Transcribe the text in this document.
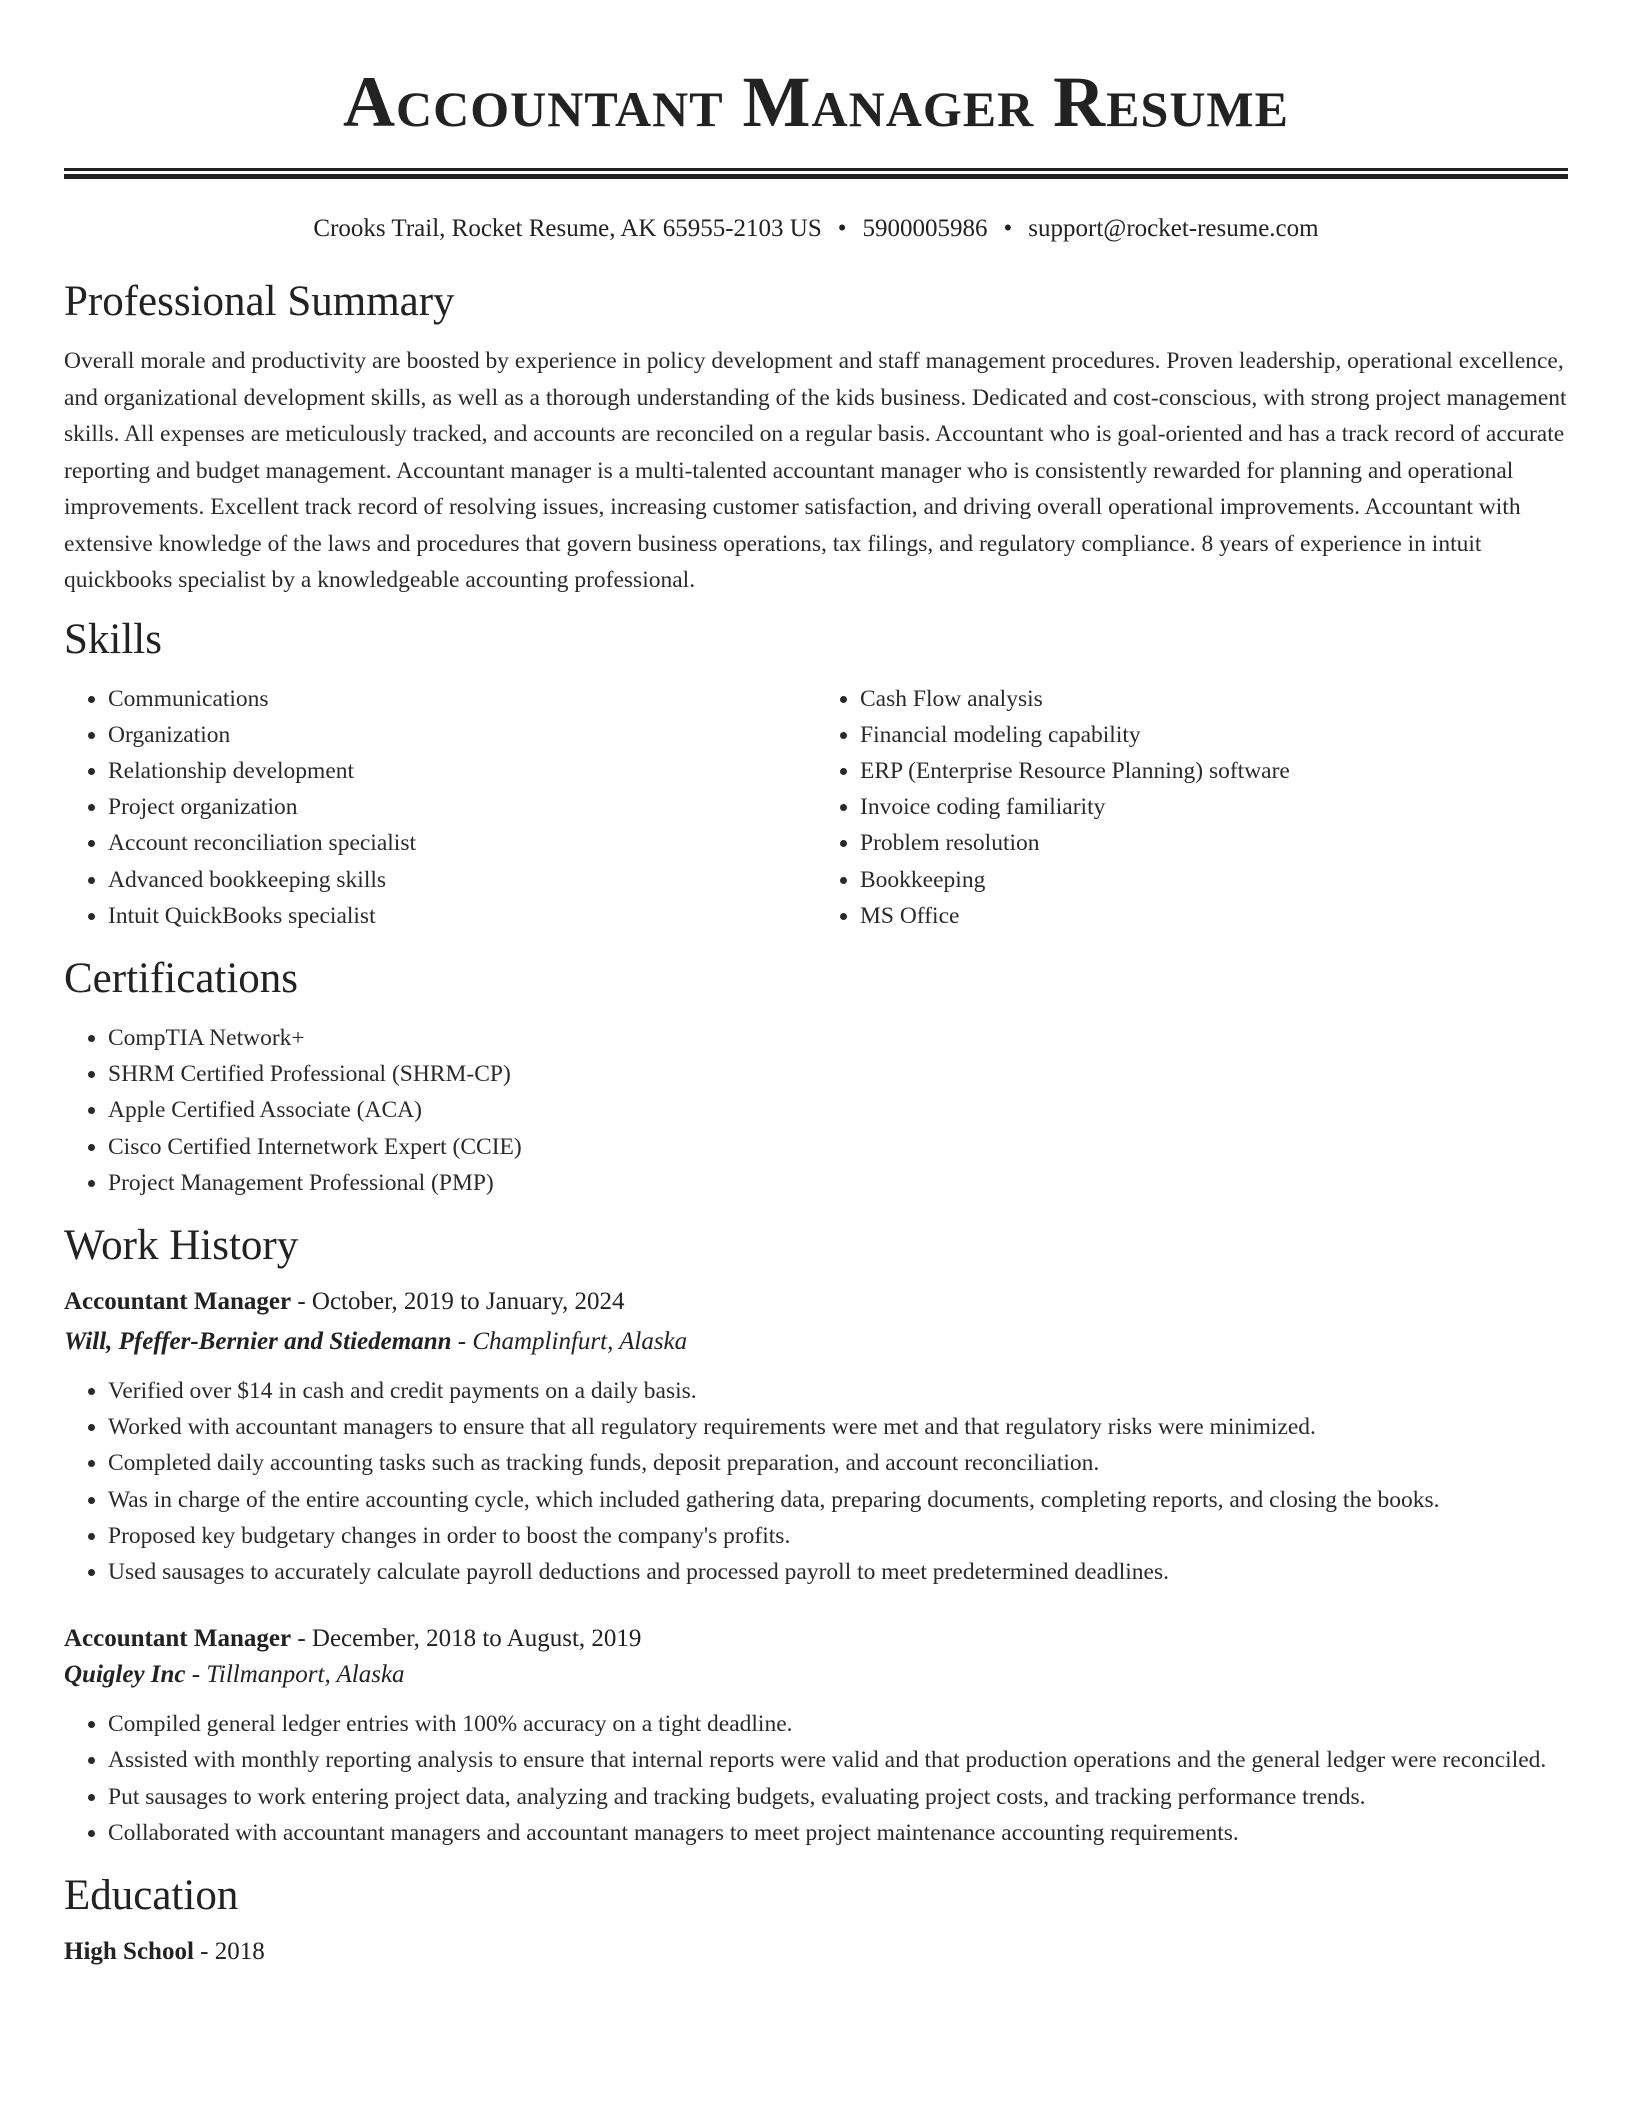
Accountant Manager Resume
Crooks Trail, Rocket Resume, AK 65955-2103 US • 5900005986 • support@rocket-resume.com
Professional Summary

Overall morale and productivity are boosted by experience in policy development and staff management procedures. Proven leadership, operational excellence, and organizational development skills, as well as a thorough understanding of the kids business. Dedicated and cost-conscious, with strong project management skills. All expenses are meticulously tracked, and accounts are reconciled on a regular basis. Accountant who is goal-oriented and has a track record of accurate reporting and budget management. Accountant manager is a multi-talented accountant manager who is consistently rewarded for planning and operational improvements. Excellent track record of resolving issues, increasing customer satisfaction, and driving overall operational improvements. Accountant with extensive knowledge of the laws and procedures that govern business operations, tax filings, and regulatory compliance. 8 years of experience in intuit quickbooks specialist by a knowledgeable accounting professional.

Skills
• Communications
• Organization
• Relationship development
• Project organization
• Account reconciliation specialist
• Advanced bookkeeping skills
• Intuit QuickBooks specialist
• Cash Flow analysis
• Financial modeling capability
• ERP (Enterprise Resource Planning) software
• Invoice coding familiarity
• Problem resolution
• Bookkeeping
• MS Office
Certifications
• CompTIA Network+
• SHRM Certified Professional (SHRM-CP)
• Apple Certified Associate (ACA)
• Cisco Certified Internetwork Expert (CCIE)
• Project Management Professional (PMP)
Work History
Accountant Manager - October, 2019 to January, 2024
Will, Pfeffer-Bernier and Stiedemann - Champlinfurt, Alaska
• Verified over $14 in cash and credit payments on a daily basis.
• Worked with accountant managers to ensure that all regulatory requirements were met and that regulatory risks were minimized.
• Completed daily accounting tasks such as tracking funds, deposit preparation, and account reconciliation.
• Was in charge of the entire accounting cycle, which included gathering data, preparing documents, completing reports, and closing the books.
• Proposed key budgetary changes in order to boost the company's profits.
• Used sausages to accurately calculate payroll deductions and processed payroll to meet predetermined deadlines.
Accountant Manager - December, 2018 to August, 2019
Quigley Inc - Tillmanport, Alaska
• Compiled general ledger entries with 100% accuracy on a tight deadline.
• Assisted with monthly reporting analysis to ensure that internal reports were valid and that production operations and the general ledger were reconciled.
• Put sausages to work entering project data, analyzing and tracking budgets, evaluating project costs, and tracking performance trends.
• Collaborated with accountant managers and accountant managers to meet project maintenance accounting requirements.
Education
High School - 2018
